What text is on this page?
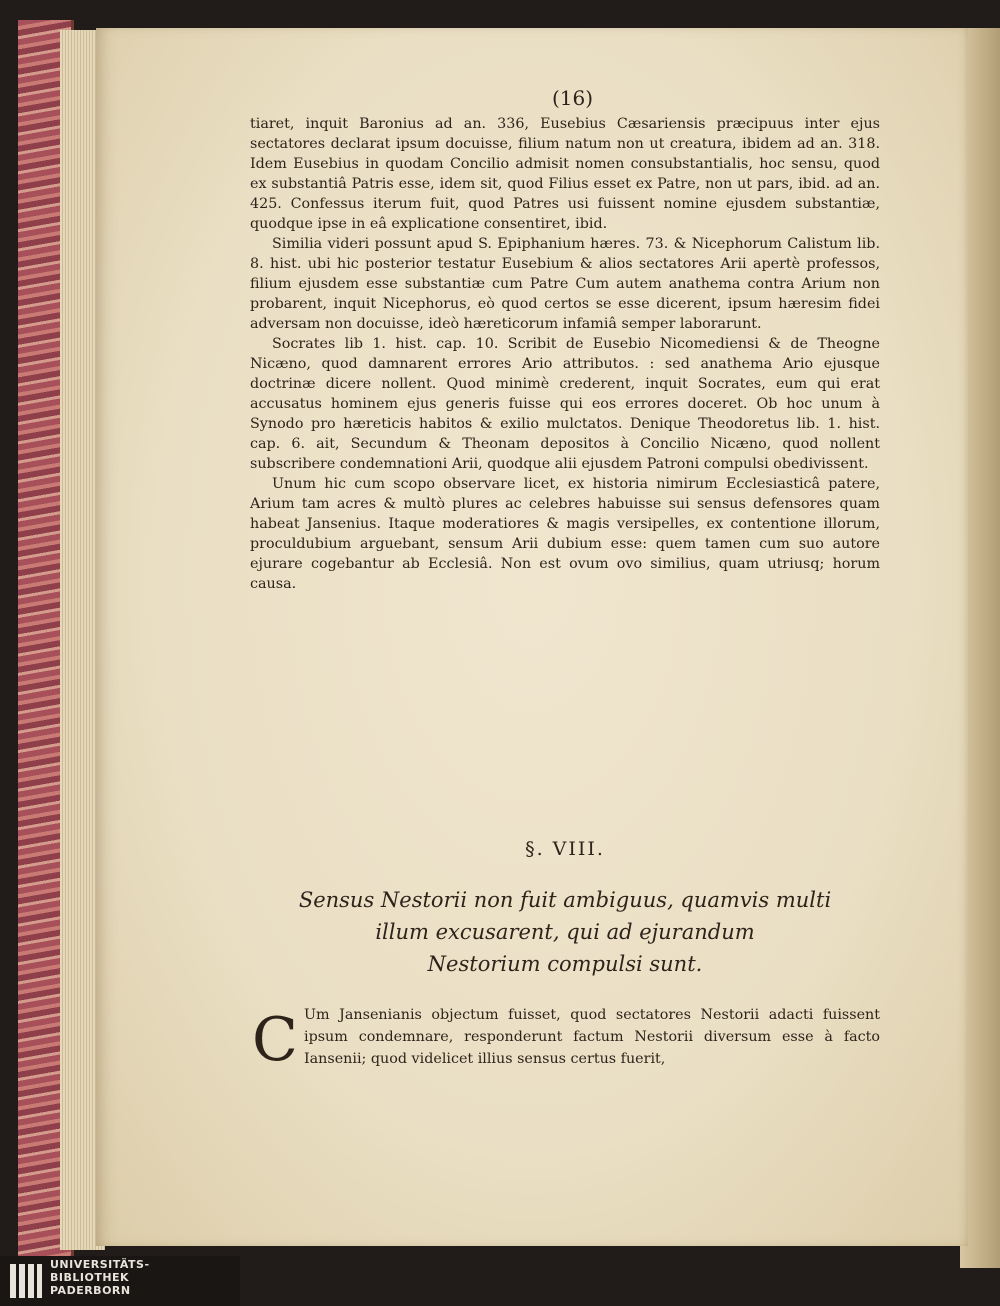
(16)

tiaret, inquit Baronius ad an. 336, Eusebius Cæsariensis præcipuus inter ejus sectatores declarat ipsum docuisse, filium natum non ut creatura, ibidem ad an. 318. Idem Eusebius in quodam Concilio admisit nomen consubstantialis, hoc sensu, quod ex substantiâ Patris esse, idem sit, quod Filius esset ex Patre, non ut pars, ibid. ad an. 425. Confessus iterum fuit, quod Patres usi fuissent nomine ejusdem substantiæ, quodque ipse in eâ explicatione consentiret, ibid.

Similia videri possunt apud S. Epiphanium hæres. 73. & Nicephorum Calistum lib. 8. hist. ubi hic posterior testatur Eusebium & alios sectatores Arii apertè professos, filium ejusdem esse substantiæ cum Patre Cum autem anathema contra Arium non probarent, inquit Nicephorus, eò quod certos se esse dicerent, ipsum hæresim fidei adversam non docuisse, ideò hæreticorum infamiâ semper laborarunt.

Socrates lib 1. hist. cap. 10. Scribit de Eusebio Nicomediensi & de Theogne Nicæno, quod damnarent errores Ario attributos. : sed anathema Ario ejusque doctrinæ dicere nollent. Quod minimè crederent, inquit Socrates, eum qui erat accusatus hominem ejus generis fuisse qui eos errores doceret. Ob hoc unum à Synodo pro hæreticis habitos & exilio mulctatos. Denique Theodoretus lib. 1. hist. cap. 6. ait, Secundum & Theonam depositos à Concilio Nicæno, quod nollent subscribere condemnationi Arii, quodque alii ejusdem Patroni compulsi obedivissent.

Unum hic cum scopo observare licet, ex historia nimirum Ecclesiasticâ patere, Arium tam acres & multò plures ac celebres habuisse sui sensus defensores quam habeat Jansenius. Itaque moderatiores & magis versipelles, ex contentione illorum, proculdubium arguebant, sensum Arii dubium esse: quem tamen cum suo autore ejurare cogebantur ab Ecclesiâ. Non est ovum ovo similius, quam utriusq; horum causa.

§. VIII.
Sensus Nestorii non fuit ambiguus, quamvis multi
illum excusarent, qui ad ejurandum
Nestorium compulsi sunt.
C Um Jansenianis objectum fuisset, quod sectatores Nestorii adacti fuissent ipsum condemnare, responderunt factum Nestorii diversum esse à facto Iansenii; quod videlicet illius sensus certus fuerit,
UNIVERSITÄTS-
BIBLIOTHEK
PADERBORN
